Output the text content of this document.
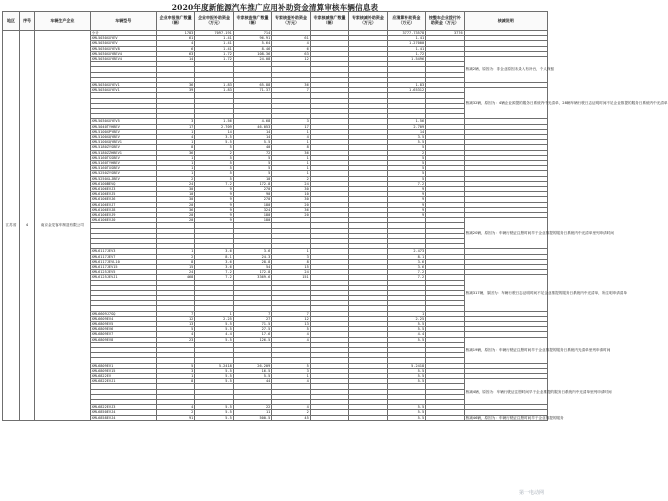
2020年度新能源汽车推广应用补助资金清算审核车辆信息表
地区	序号	车辆生产企业	车辆型号	企业申报推广数量（辆）	企业申报补助资金（万元）	专家核查推广数量（辆）	专家核查补助资金（万元）	专家核减推广数量（辆）	专家核减补助资金（万元）	应清算补助资金（万元）	按整车企业拨付补助资金（万元）	核减说明
江苏省	4	南京金龙客车制造有限公司	小计	1783	7097.191	714				3777.73578	3776	
			XML5030XXYEV	61	1.41	96.91	61			1.41		
			XML5030XXYEV	4	1.41	5.64	4			1.27000		
			XML5030XXYEV8	6	1.41	8.46	6			1.41		
			XML5030XXYBEV4	63	1.72	108.36	63			1.72		
			XML5030XXYBEV4	14	1.72	24.08	12			1.5496		核减2辆，原因为：非企业原因未录入有补台，个人保留

			XML5030XXYEV1	36	1.83	65.88	36			1.83		
			XML5030XXYEV1	39	1.83	71.37	7			1.65312		核减32辆，原因为：4辆企业源提的服务日系统内中光清单，28辆车辆行驶日志证明时间不足企业推提的服务日系统内中光清单

			XML5030XXYEV5	3	1.56	4.68	3			1.56		
			XML5040TYHBEV	17	2.709	46.053	17			2.709		
			XML5100XPYBEV	1	14	14	1			14		
			XML5100XQYBEV	4	3.5	14	4			3.5		
			XML5100XQYBEV1	1	5.5	5.5	1			5.5		
			XML5180ZYSBEV	8	5	40	8			5		
			XML5180ZZHBEV1	36	2	72	36			2		
			XML5160TSSBEV	1	5	5	1			5		
			XML5160TYHBEV	1	5	5	1			5		
			XML5160TXSBEV	1	5	5	1			5		
			XML5250ZYSBEV	1	5	5	1			5		
			XML5250XLJBEV	2	5	10	2			5		
			XML6100BEVQ	24	7.2	172.8	24			7.2		
			XML6106EVJ3	30	9	270	30			9		
			XML6106EVJ5	10	9	90	10			9		
			XML6106EVJ6	30	9	270	30			9		
			XML6106EVJ7	20	9	180	20			9		
			XML6106EVJ8	36	9	324	36			9		
			XML6106EVJ9	20	9	180	20			9		
			XML6106EVJ0	20	9	180						核减20辆，原因为：车辆行驶证注册时间早于企业推提的服务日系统内中光清单里列申请时间

			XML6117JEV3	1	3.6	3.6	1			2.473		
			XML6117JEV7	2	8.1	24.3	3			8.1		
			XML6117JEVL10	8	3.6	28.8	8			3.6		
			XML6117JEV15	15	3.6	54	15			3.6		
			XML6125JEV5	24	7.2	172.8	24			7.2		
			XML6125JEVJ1	468	7.2	3369.6	151			7.2		核减317辆，原因为：车辆行驶日志证明时间不足企业推提的服务日系统内中光清单，所注明申请清单

			XML6609J7GQ	7	1	7	7			1		
			XML6609EV4	12	2.25	27	12			2.25		
			XML6809EV5	13	5.5	71.5	13			5.5		
			XML6809EV6	5	5.5	27.5	5			5.5		
			XML6809EV7	4	4.4	17.6	4			4.4		
			XML6809EV8	23	5.5	126.5	4			5.5		核减19辆，原因为：车辆行驶证注册时间早于企业推提的服务日系统内光清单里列申请时间

			XML6809EV1	5	5.2418	26.209	5			5.2418		
			XML6809EV15	3	5.5	16.5	3			5.5		
			XML6822EV	1	5.5	5.5	1			5.5		
			XML6822EVJ1	8	5.5	44	4			5.5		核减4辆，原因为：车辆行驶证注册时间早于企业推提的服务日系统内中光清单里列申请时间

			XML6822EVJ3	4	5.5	22	4			5.5		
			XML6850EVJ4	2	5.5	11	2			5.5		
			XML6858EVJ4	91	5.5	500.5	45			5.5		核减46辆，原因为：车辆行驶证注册时间早于企业推提的服务
第一电动网
